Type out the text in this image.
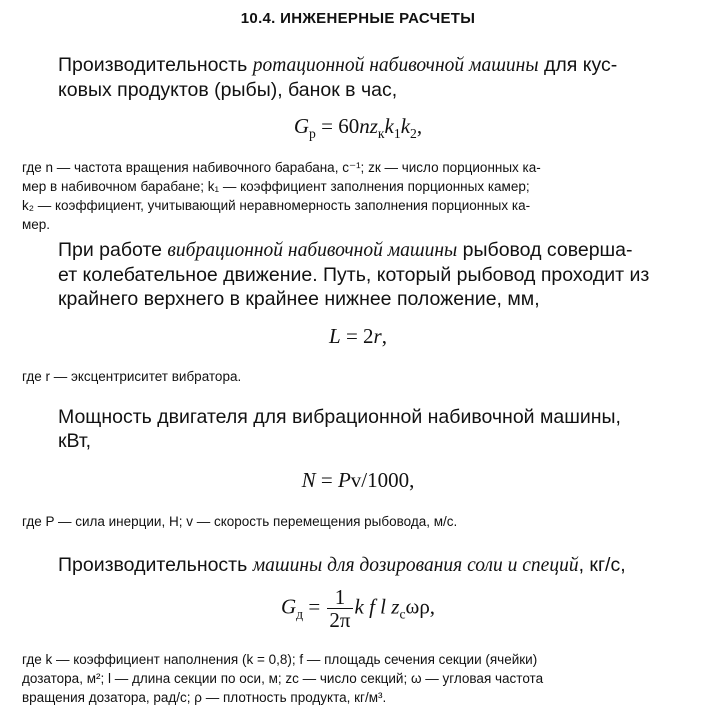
10.4. ИНЖЕНЕРНЫЕ РАСЧЕТЫ
Производительность ротационной набивочной машины для кус-
ковых продуктов (рыбы), банок в час,
$G_р = 60nz_кk_1k_2$,
где n — частота вращения набивочного барабана, с⁻¹; zк — число порционных ка-
мер в набивочном барабане; k₁ — коэффициент заполнения порционных камер;
k₂ — коэффициент, учитывающий неравномерность заполнения порционных ка-
мер.
При работе вибрационной набивочной машины рыбовод совершa-
ет колебательное движение. Путь, который рыбовод проходит из
крайнего верхнего в крайнее нижнее положение, мм,
L = 2r,
где r — эксцентриситет вибратора.
Мощность двигателя для вибрационной набивочной машины,
кВт,
N = Pv/1000,
где P — сила инерции, Н; v — скорость перемещения рыбовода, м/с.
Производительность машины для дозирования соли и специй, кг/с,
$G_д = \frac{1}{2\pi}$ k f l $z_с\omega\rho$,
где k — коэффициент наполнения (k = 0,8); f — площадь сечения секции (ячейки)
дозатора, м²; l — длина секции по оси, м; zс — число секций; ω — угловая частота
вращения дозатора, рад/с; ρ — плотность продукта, кг/м³.
